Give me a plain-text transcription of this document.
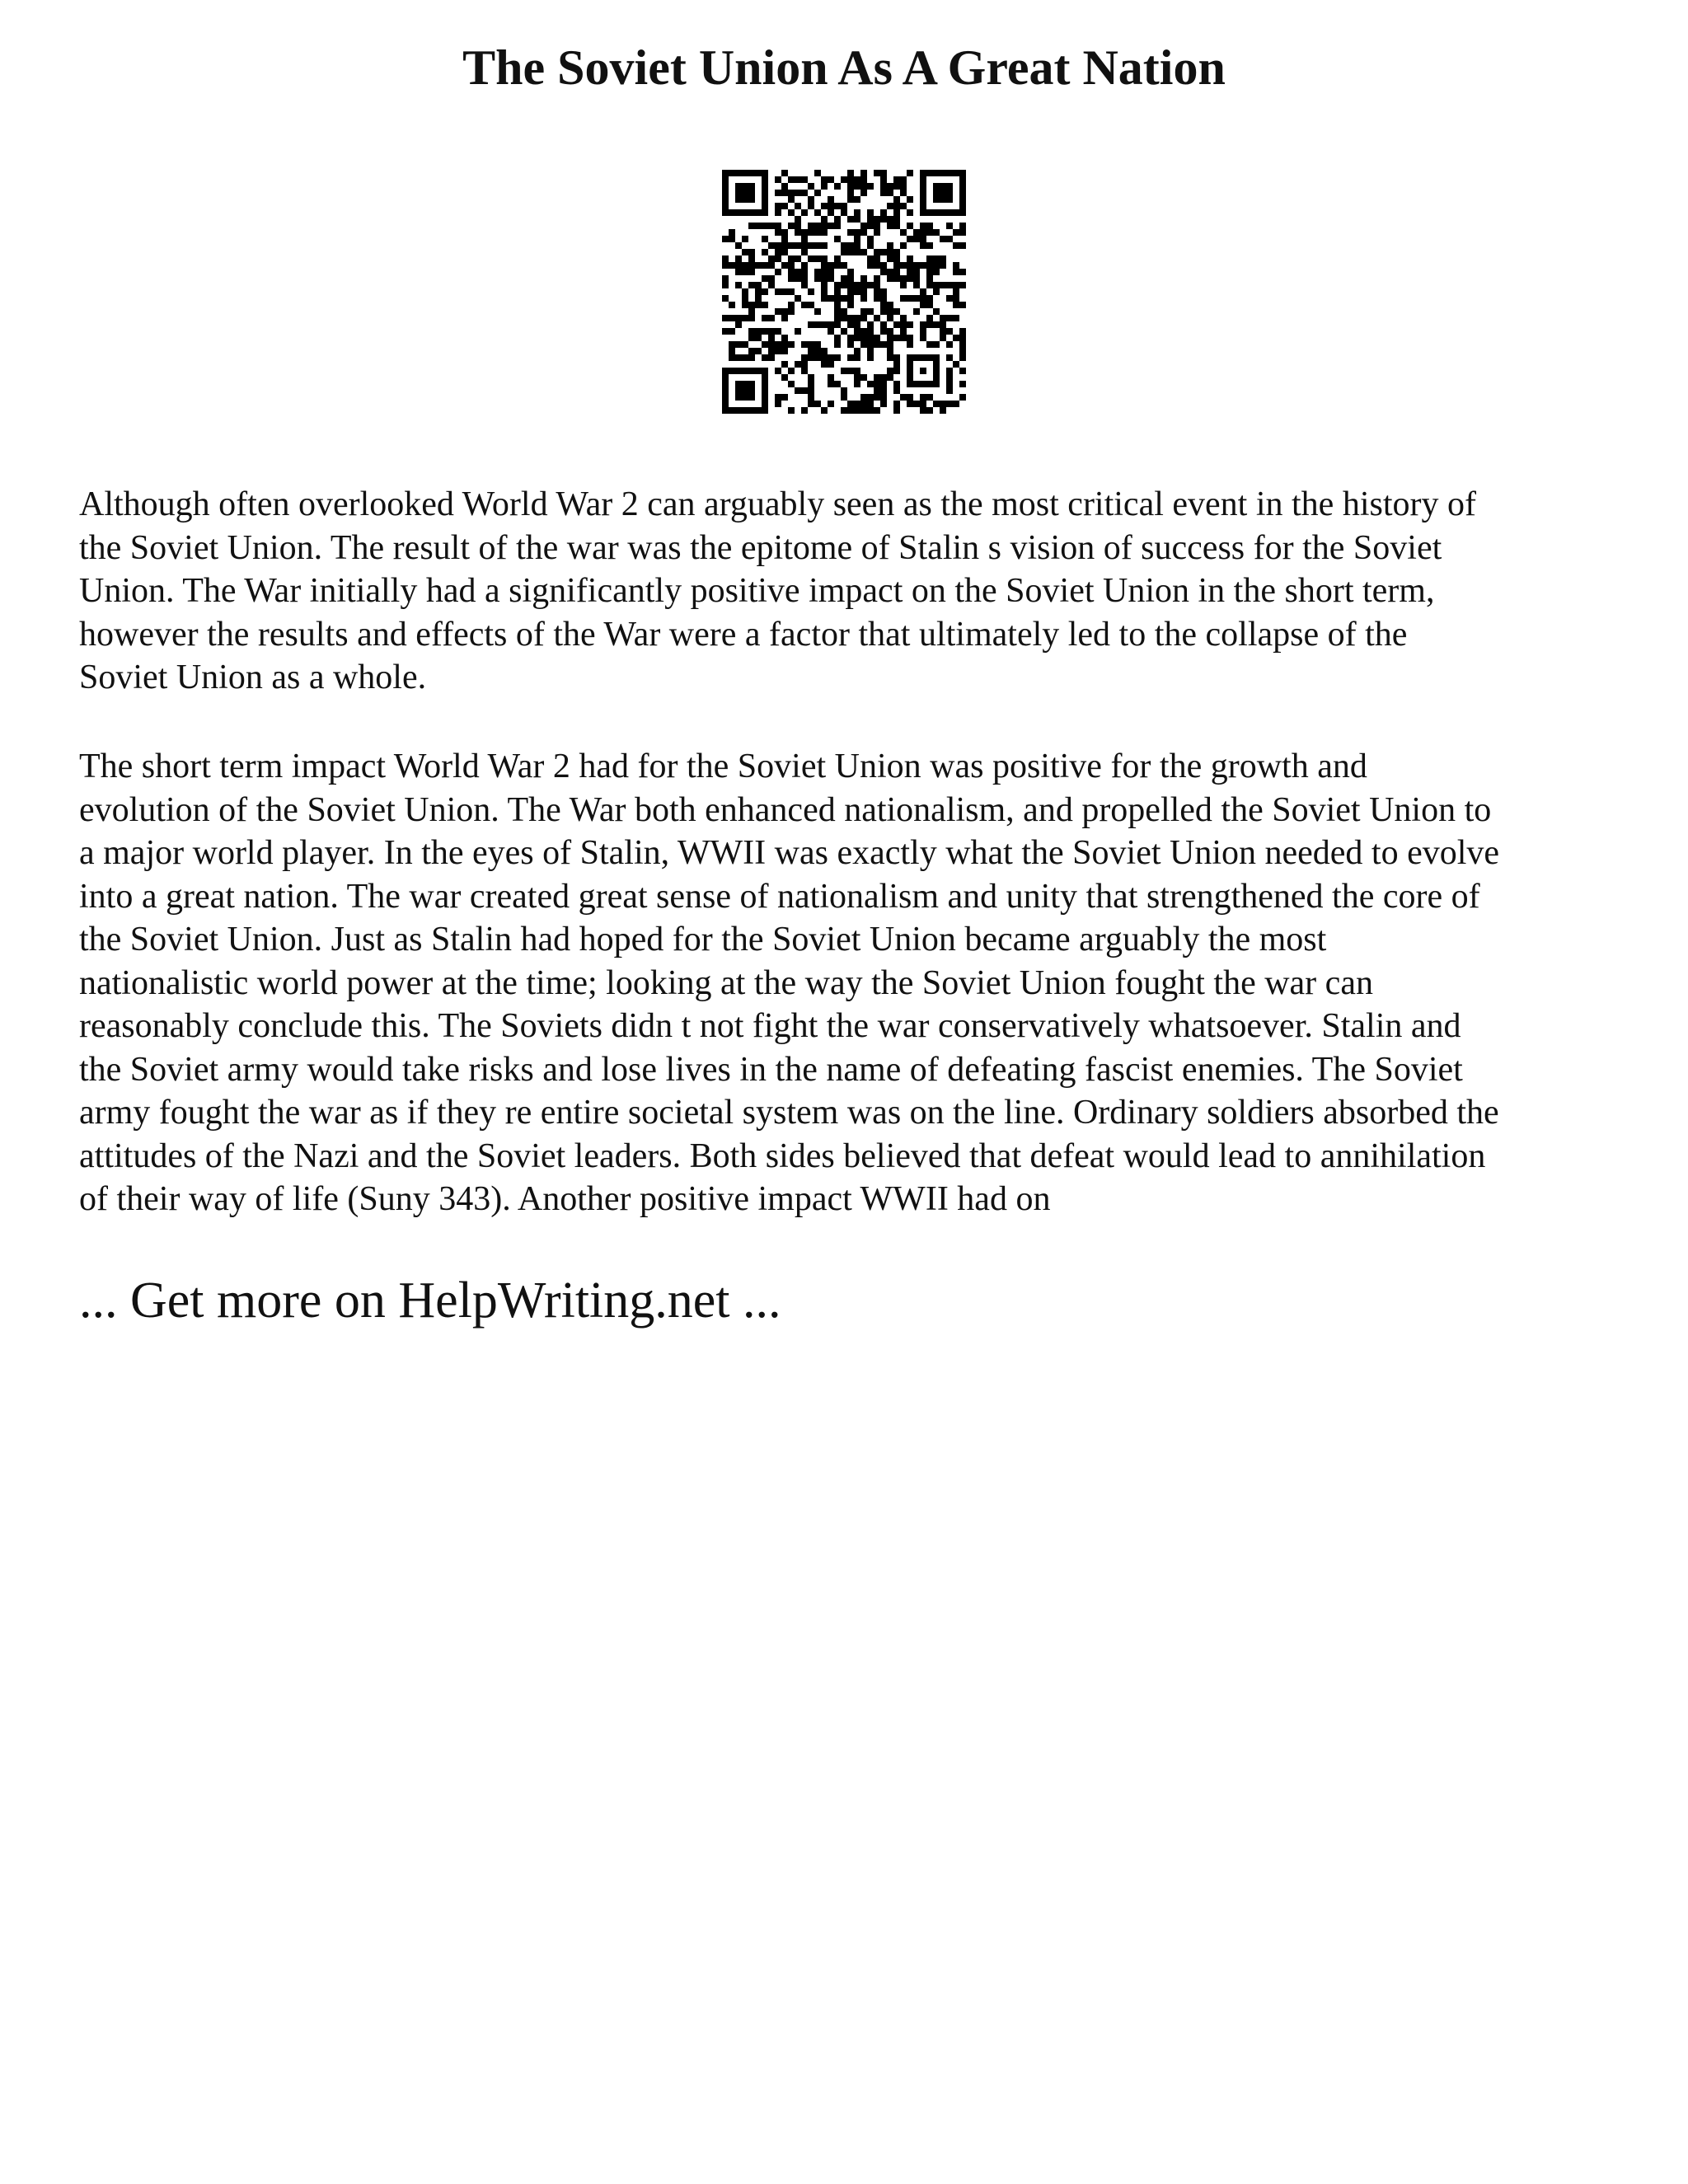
The Soviet Union As A Great Nation

Although often overlooked World War 2 can arguably seen as the most critical event in the history of
the Soviet Union. The result of the war was the epitome of Stalin s vision of success for the Soviet
Union. The War initially had a significantly positive impact on the Soviet Union in the short term,
however the results and effects of the War were a factor that ultimately led to the collapse of the
Soviet Union as a whole.

The short term impact World War 2 had for the Soviet Union was positive for the growth and
evolution of the Soviet Union. The War both enhanced nationalism, and propelled the Soviet Union to
a major world player. In the eyes of Stalin, WWII was exactly what the Soviet Union needed to evolve
into a great nation. The war created great sense of nationalism and unity that strengthened the core of
the Soviet Union. Just as Stalin had hoped for the Soviet Union became arguably the most
nationalistic world power at the time; looking at the way the Soviet Union fought the war can
reasonably conclude this. The Soviets didn t not fight the war conservatively whatsoever. Stalin and
the Soviet army would take risks and lose lives in the name of defeating fascist enemies. The Soviet
army fought the war as if they re entire societal system was on the line. Ordinary soldiers absorbed the
attitudes of the Nazi and the Soviet leaders. Both sides believed that defeat would lead to annihilation
of their way of life (Suny 343). Another positive impact WWII had on

... Get more on HelpWriting.net ...
